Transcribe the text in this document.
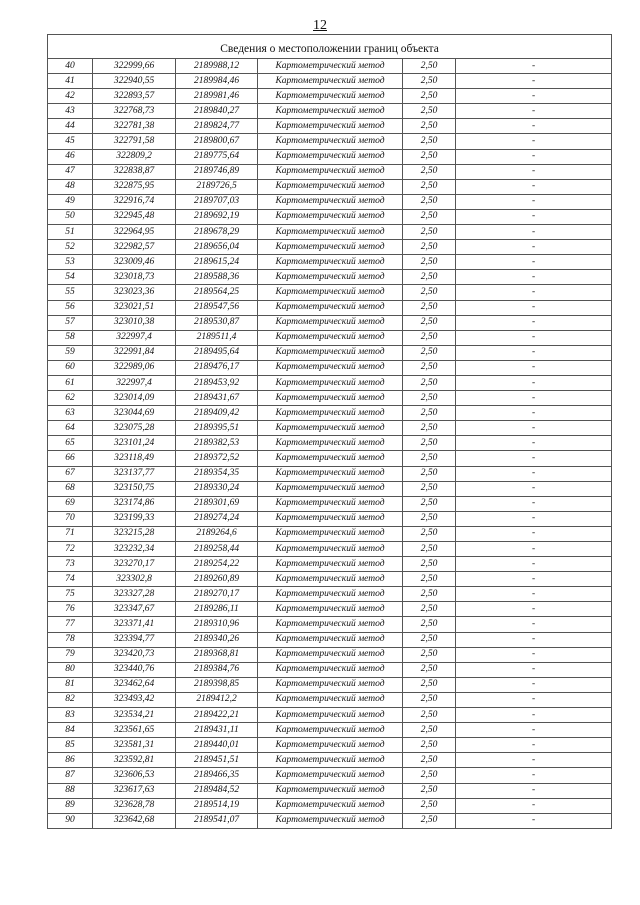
12

Сведения о местоположении границ объекта					
40	322999,66	2189988,12	Картометрический метод	2,50	-
41	322940,55	2189984,46	Картометрический метод	2,50	-
42	322893,57	2189981,46	Картометрический метод	2,50	-
43	322768,73	2189840,27	Картометрический метод	2,50	-
44	322781,38	2189824,77	Картометрический метод	2,50	-
45	322791,58	2189800,67	Картометрический метод	2,50	-
46	322809,2	2189775,64	Картометрический метод	2,50	-
47	322838,87	2189746,89	Картометрический метод	2,50	-
48	322875,95	2189726,5	Картометрический метод	2,50	-
49	322916,74	2189707,03	Картометрический метод	2,50	-
50	322945,48	2189692,19	Картометрический метод	2,50	-
51	322964,95	2189678,29	Картометрический метод	2,50	-
52	322982,57	2189656,04	Картометрический метод	2,50	-
53	323009,46	2189615,24	Картометрический метод	2,50	-
54	323018,73	2189588,36	Картометрический метод	2,50	-
55	323023,36	2189564,25	Картометрический метод	2,50	-
56	323021,51	2189547,56	Картометрический метод	2,50	-
57	323010,38	2189530,87	Картометрический метод	2,50	-
58	322997,4	2189511,4	Картометрический метод	2,50	-
59	322991,84	2189495,64	Картометрический метод	2,50	-
60	322989,06	2189476,17	Картометрический метод	2,50	-
61	322997,4	2189453,92	Картометрический метод	2,50	-
62	323014,09	2189431,67	Картометрический метод	2,50	-
63	323044,69	2189409,42	Картометрический метод	2,50	-
64	323075,28	2189395,51	Картометрический метод	2,50	-
65	323101,24	2189382,53	Картометрический метод	2,50	-
66	323118,49	2189372,52	Картометрический метод	2,50	-
67	323137,77	2189354,35	Картометрический метод	2,50	-
68	323150,75	2189330,24	Картометрический метод	2,50	-
69	323174,86	2189301,69	Картометрический метод	2,50	-
70	323199,33	2189274,24	Картометрический метод	2,50	-
71	323215,28	2189264,6	Картометрический метод	2,50	-
72	323232,34	2189258,44	Картометрический метод	2,50	-
73	323270,17	2189254,22	Картометрический метод	2,50	-
74	323302,8	2189260,89	Картометрический метод	2,50	-
75	323327,28	2189270,17	Картометрический метод	2,50	-
76	323347,67	2189286,11	Картометрический метод	2,50	-
77	323371,41	2189310,96	Картометрический метод	2,50	-
78	323394,77	2189340,26	Картометрический метод	2,50	-
79	323420,73	2189368,81	Картометрический метод	2,50	-
80	323440,76	2189384,76	Картометрический метод	2,50	-
81	323462,64	2189398,85	Картометрический метод	2,50	-
82	323493,42	2189412,2	Картометрический метод	2,50	-
83	323534,21	2189422,21	Картометрический метод	2,50	-
84	323561,65	2189431,11	Картометрический метод	2,50	-
85	323581,31	2189440,01	Картометрический метод	2,50	-
86	323592,81	2189451,51	Картометрический метод	2,50	-
87	323606,53	2189466,35	Картометрический метод	2,50	-
88	323617,63	2189484,52	Картометрический метод	2,50	-
89	323628,78	2189514,19	Картометрический метод	2,50	-
90	323642,68	2189541,07	Картометрический метод	2,50	-
